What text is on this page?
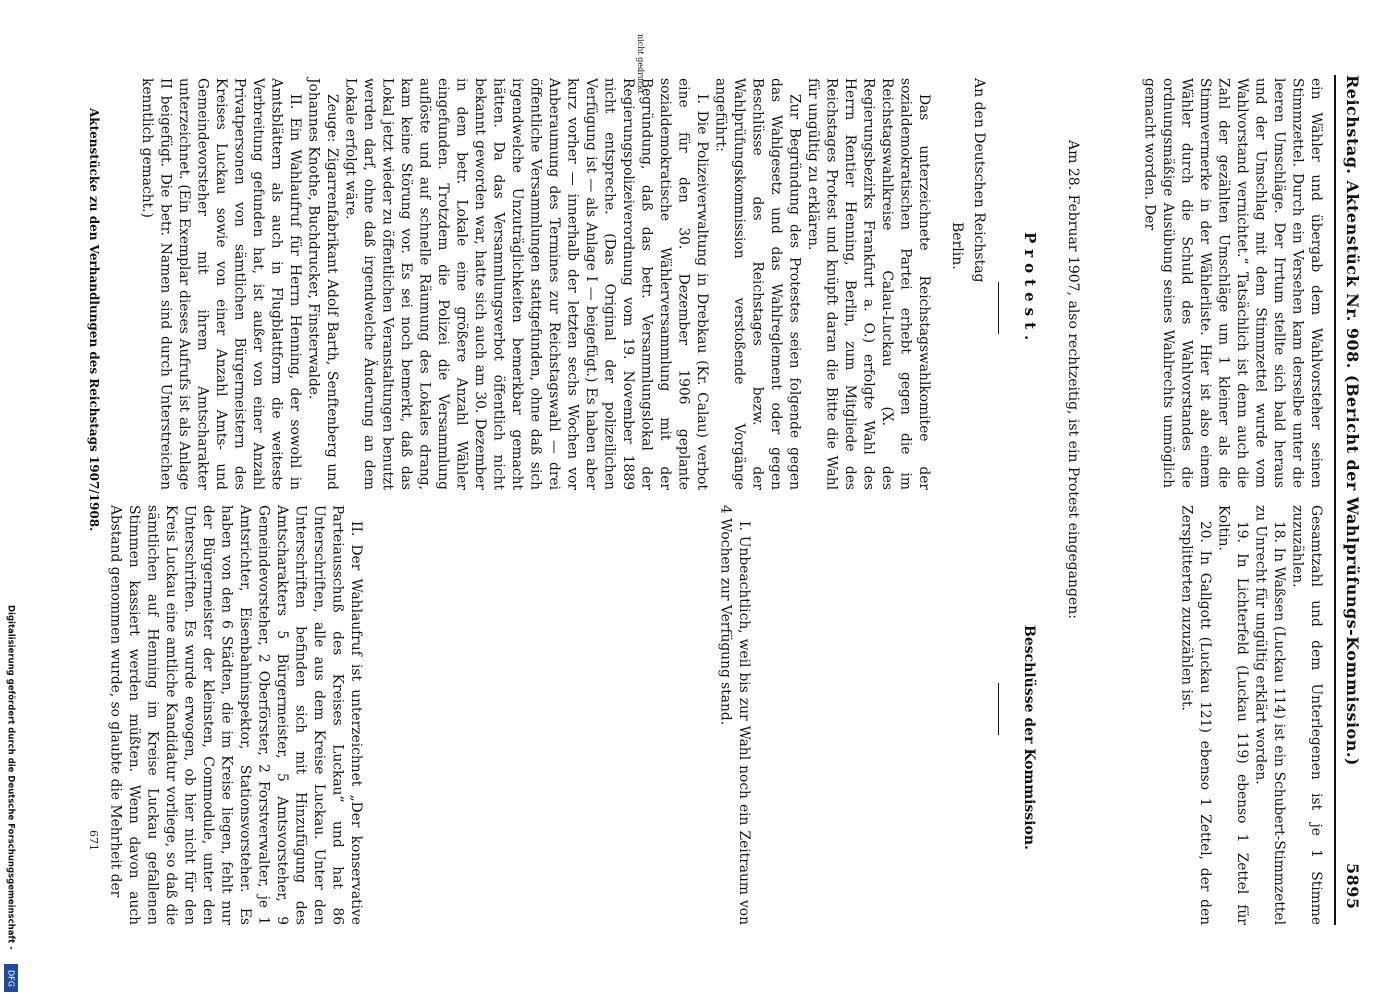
5895
Reichstag. Aktenstück Nr. 908. (Bericht der Wahlprüfungs-Kommission.)

ein Wähler und übergab dem Wahlvorsteher seinen Stimmzettel. Durch ein Versehen kam derselbe unter die leeren Umschläge. Der Irrtum stellte sich bald heraus und der Umschlag mit dem Stimmzettel wurde vom Wahlvorstand vernichtet.“ Tatsächlich ist denn auch die Zahl der gezählten Umschläge um 1 kleiner als die Stimmvermerke in der Wählerliste. Hier ist also einem Wähler durch die Schuld des Wahlvorstandes die ordnungsmäßige Ausübung seines Wahlrechts unmöglich gemacht worden. Der

Gesamtzahl und dem Unterlegenen ist je 1 Stimme zuzuzählen.

18. In Waßsen (Luckau 114) ist ein Schubert-Stimmzettel zu Unrecht für ungültig erklärt worden.

19. In Lichterfeld (Luckau 119) ebenso 1 Zettel für Koltin.

20. In Gallgott (Luckau 121) ebenso 1 Zettel, der den Zersplitterten zuzuzählen ist.

Am 28. Februar 1907, also rechtzeitig, ist ein Protest eingegangen:
Protest.
Beschlüsse der Kommission.
An den Deutschen Reichstag
Berlin.

Das unterzeichnete Reichstagswahlkomitee der sozialdemokratischen Partei erhebt gegen die im Reichstagswahlkreise Calau-Luckau (X. des Regierungsbezirks Frankfurt a. O.) erfolgte Wahl des Herrn Rentier Henning, Berlin, zum Mitgliede des Reichstages Protest und knüpft daran die Bitte die Wahl für ungültig zu erklären.

Zur Begründung des Protestes seien folgende gegen das Wahlgesetz und das Wahlreglement oder gegen Beschlüsse des Reichstages bezw. der Wahlprüfungskommission verstoßende Vorgänge angeführt:

I. Die Polizeiverwaltung in Drebkau (Kr. Calau) verbot eine für den 30. Dezember 1906 geplante sozialdemokratische Wählerversammlung mit der Begründung, daß das betr. Versammlungslokal der Regierungspolizeiverordnung vom 19. November 1889 nicht entspreche. (Das Original der polizeilichen Verfügung ist — als Anlage I — beigefügt.) Es haben aber kurz vorher — innerhalb der letzten sechs Wochen vor Anberaumung des Termines zur Reichstagswahl — drei öffentliche Versammlungen stattgefunden, ohne daß sich irgendwelche Unzuträglichkeiten bemerkbar gemacht hätten. Da das Versammlungsverbot öffentlich nicht bekannt geworden war, hatte sich auch am 30. Dezember in dem betr. Lokale eine größere Anzahl Wähler eingefunden. Trotzdem die Polizei die Versammlung auflöste und auf schnelle Räumung des Lokales drang, kam keine Störung vor. Es sei noch bemerkt, daß das Lokal jetzt wieder zu öffentlichen Veranstaltungen benutzt werden darf, ohne daß irgendwelche Änderung an dem Lokale erfolgt wäre.

Zeuge: Zigarrenfabrikant Adolf Barth, Senftenberg und Johannes Knothe, Buchdrucker, Finsterwalde.

II. Ein Wahlaufruf für Herrn Henning, der sowohl in Amtsblättern als auch in Flugblattform die weiteste Verbreitung gefunden hat, ist außer von einer Anzahl Privatpersonen von sämtlichen Bürgermeistern des Kreises Luckau sowie von einer Anzahl Amts- und Gemeindevorsteher mit ihrem Amtscharakter unterzeichnet. (Ein Exemplar dieses Aufrufs ist als Anlage II beigefügt. Die betr. Namen sind durch Unterstreichen kenntlich gemacht.)

nicht gedruckt

I. Unbeachtlich, weil bis zur Wahl noch ein Zeitraum von 4 Wochen zur Verfügung stand.

II. Der Wahlaufruf ist unterzeichnet „Der konservative Parteiausschuß des Kreises Luckau“ und hat 86 Unterschriften, alle aus dem Kreise Luckau. Unter den Unterschriften befinden sich mit Hinzufügung des Amtscharakters 5 Bürgermeister, 5 Amtsvorsteher, 9 Gemeindevorsteher, 2 Oberförster, 2 Forstverwalter, je 1 Amtsrichter, Eisenbahninspektor, Stationsvorsteher. Es haben von den 6 Städten, die im Kreise liegen, fehlt nur der Bürgermeister der kleinsten, Commodule, unter den Unterschriften. Es wurde erwogen, ob hier nicht für den Kreis Luckau eine amtliche Kandidatur vorliege, so daß die sämtlichen auf Henning im Kreise Luckau gefallenen Stimmen kassiert werden müßten. Wenn davon auch Abstand genommen wurde, so glaubte die Mehrheit der

Aktenstücke zu den Verhandlungen des Reichstags 1907/1908.
671
Digitalisierung gefördert durch die Deutsche Forschungsgemeinschaft -
DFG
